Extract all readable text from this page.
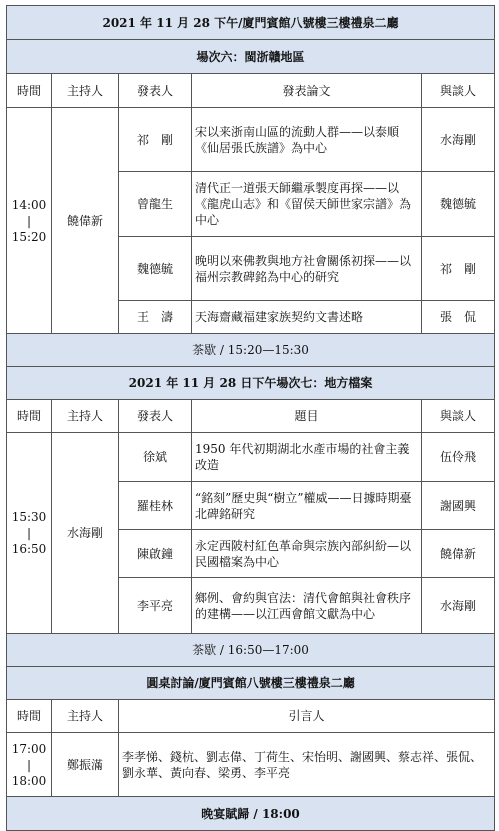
2021 年 11 月 28 下午/廈門賓館八號樓三樓禮泉二廳				
場次六：閩浙贛地區				
時間	主持人	發表人	發表論文	與談人

14:00
|
15:20	饒偉新	祁　剛	宋以来浙南山區的流動人群——以泰順《仙居張氏族譜》為中心	水海剛
		曾龍生	清代正一道張天師繼承製度再探——以《龍虎山志》和《留侯天師世家宗譜》為中心	魏德毓
		魏德毓	晚明以來佛教與地方社會關係初探——以福州宗教碑銘為中心的研究	祁　剛
		王　濤	天海齋藏福建家族契約文書述略	張　侃
茶歇 / 15:20—15:30				
2021 年 11 月 28 日下午場次七：地方檔案				
時間	主持人	發表人	題目	與談人

15:30
|
16:50	水海剛	徐斌	1950 年代初期湖北水產市場的社會主義改造	伍伶飛
		羅桂林	“銘刻”歷史與“樹立”權威——日據時期臺北碑銘研究	謝國興
		陳啟鐘	永定西陂村紅色革命與宗族內部糾紛—以民國檔案為中心	饒偉新
		李平亮	鄉例、會約與官法：清代會館與社會秩序的建構——以江西會館文獻為中心	水海剛
茶歇 / 16:50—17:00				
圓桌討論/廈門賓館八號樓三樓禮泉二廳				
時間	主持人	引言人		

17:00
|
18:00	鄭振滿	李孝悌、錢杭、劉志偉、丁荷生、宋怡明、謝國興、蔡志祥、張侃、劉永華、黃向春、梁勇、李平亮		
晚宴賦歸 / 18:00				
